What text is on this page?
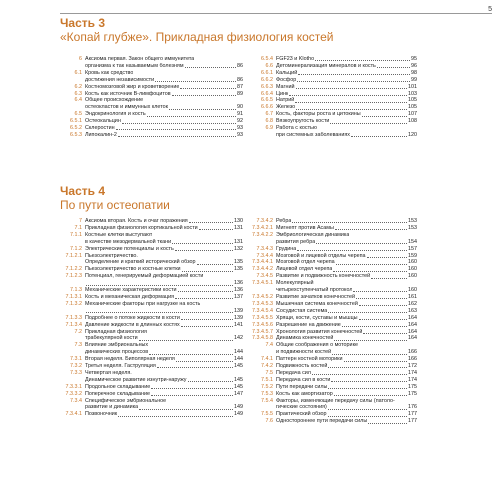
5
Часть 3
«Копай глубже». Прикладная физиология костей
6 Аксиома первая. Закон общего иммунитета
организма к так называемым болезням	86
6.1 Кровь как средство
достижения независимости	86
6.2 Костномозговой жир и кроветворение	87
6.3 Кость как источник В-лимфоцитов	89
6.4 Общее происхождение
остеокластов и иммунных клеток	90
6.5 Эндокринология и кость	91
6.5.1 Остеокальцин	92
6.5.2 Склеростин	93
6.5.3 Липокалин-2	93
6.5.4 FGF23 и Klotho	95
6.6 Детоминерализация минералов и кость	96
6.6.1 Кальций	98
6.6.2 Фосфор	99
6.6.3 Магний	101
6.6.4 Цинк	103
6.6.5 Натрий	105
6.6.6 Железо	105
6.7 Кость, факторы роста и цитокины	107
6.8 Вязкоупругость кости	108
6.9 Работа с костью
при системных заболеваниях	120
Часть 4
По пути остеопатии
7 Аксиома вторая. Кость и очаг поражения	130
7.1 Прикладная физиология кортикальной кости	131
7.1.1 Костные клетки выступают
в качестве мезодермальной ткани	131
7.1.2 Электрические потенциалы и кость	132
7.1.2.1 Пьезоэлектричество.
Определение и краткий исторический обзор	135
7.1.2.2 Пьезоэлектричество и костные клетки	135
7.1.2.3 Потенциал, генерируемый деформацией кости
136
7.1.3 Механические характеристики кости	136
7.1.3.1 Кость и механическая деформация	137
7.1.3.2 Механические факторы при нагрузке на кость
139
7.1.3.3 Подробнее о потоке жидкости в кости	139
7.1.3.4 Давление жидкости в длинных костях	141
7.2 Прикладная физиология
трабекулярной кости	142
7.3 Влияние эмбриональных
динамических процессов	144
7.3.1 Вторая неделя. Биполярная неделя	144
7.3.2 Третья неделя. Гаструляция	145
7.3.3 Четвертая неделя.
Динамическое развитие изнутри-наружу	145
7.3.3.1 Продольное складывание	145
7.3.3.2 Поперечное складывание	147
7.3.4 Специфическое эмбриональное
развитие и динамика	149
7.3.4.1 Позвоночник	149
7.3.4.2 Ребра	153
7.3.4.2.1 Мигнепт против Асамы	153
7.3.4.2.2 Эмбриологическая динамика
развития ребра	154
7.3.4.3 Грудина	157
7.3.4.4 Мозговой и лицевой отделы черепа	159
7.3.4.4.1 Мозговой отдел черепа	160
7.3.4.4.2 Лицевой отдел черепа	160
7.3.4.5 Развитие и подвижность конечностей	160
7.3.4.5.1 Молекулярный
четырехступенчатый протокол	160
7.3.4.5.2 Развитие зачатков конечностей	161
7.3.4.5.3 Мышечная система конечностей	162
7.3.4.5.4 Сосудистая система	163
7.3.4.5.5 Хрящи, кости, суставы и мышцы	164
7.3.4.5.6 Разрешение на движение	164
7.3.4.5.7 Хронология развития конечностей	164
7.3.4.5.8 Динамика конечностей	164
7.4 Общие соображения о моторике
и подвижности костей	166
7.4.1 Паттерн костной моторики	166
7.4.2 Подвижность костей	172
7.5 Передача сил	174
7.5.1 Передача сил в кости	174
7.5.2 Пути передачи силы	175
7.5.3 Кость как амортизатор	175
7.5.4 Факторы, изменяющие передачу силы (патоло-
гические состояния)	176
7.5.5 Практический обзор	177
7.6 Одностороннее пути передачи силы	177
